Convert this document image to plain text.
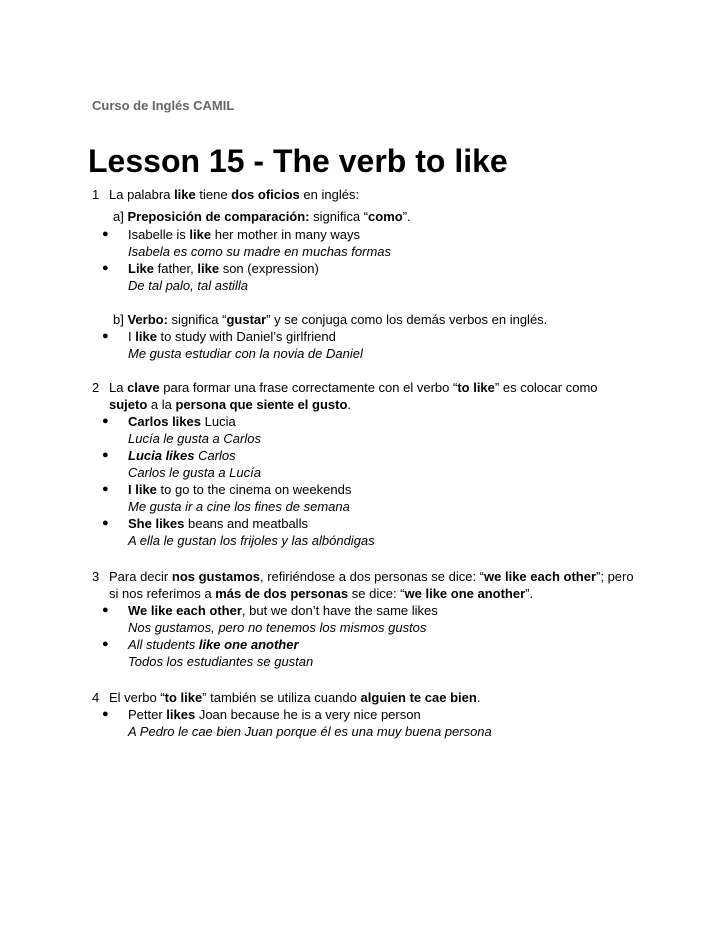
Curso de Inglés CAMIL
Lesson 15 - The verb to like
1 La palabra like tiene dos oficios en inglés:
a] Preposición de comparación: significa “como”.
● Isabelle is like her mother in many ways
Isabela es como su madre en muchas formas
● Like father, like son (expression)
De tal palo, tal astilla
b] Verbo: significa “gustar” y se conjuga como los demás verbos en inglés.
● I like to study with Daniel’s girlfriend
Me gusta estudiar con la novia de Daniel
2 La clave para formar una frase correctamente con el verbo “to like” es colocar como
sujeto a la persona que siente el gusto.
● Carlos likes Lucia
Lucía le gusta a Carlos
● Lucia likes Carlos
Carlos le gusta a Lucía
● I like to go to the cinema on weekends
Me gusta ir a cine los fines de semana
● She likes beans and meatballs
A ella le gustan los frijoles y las albóndigas
3 Para decir nos gustamos, refiriéndose a dos personas se dice: “we like each other”; pero
si nos referimos a más de dos personas se dice: “we like one another”.
● We like each other, but we don’t have the same likes
Nos gustamos, pero no tenemos los mismos gustos
● All students like one another
Todos los estudiantes se gustan
4 El verbo “to like” también se utiliza cuando alguien te cae bien.
● Petter likes Joan because he is a very nice person
A Pedro le cae bien Juan porque él es una muy buena persona
